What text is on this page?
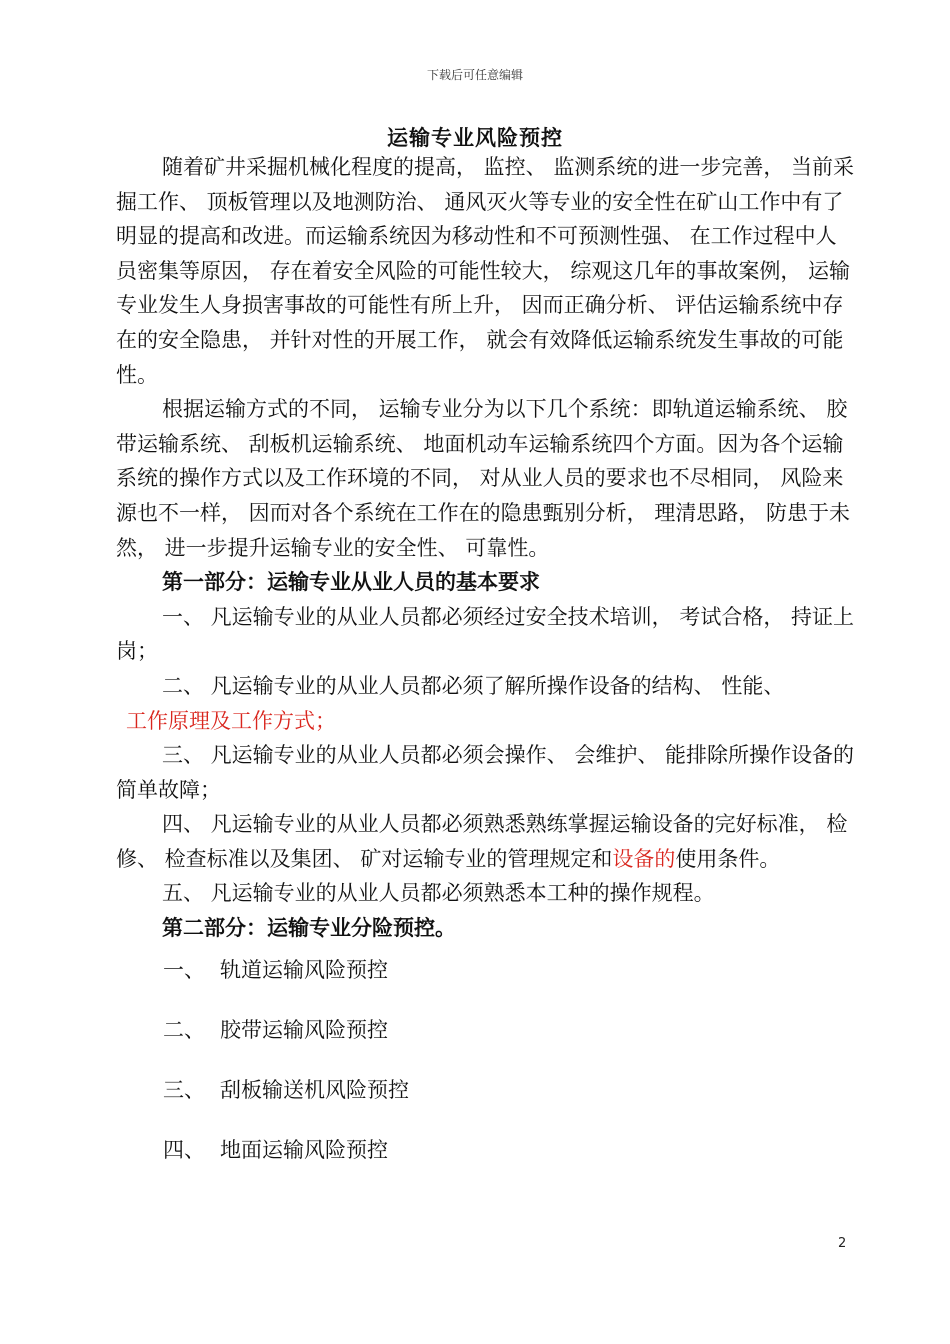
下载后可任意编辑
运输专业风险预控

随着矿井采掘机械化程度的提高， 监控、 监测系统的进一步完善， 当前采掘工作、 顶板管理以及地测防治、 通风灭火等专业的安全性在矿山工作中有了明显的提高和改进。而运输系统因为移动性和不可预测性强、 在工作过程中人员密集等原因， 存在着安全风险的可能性较大， 综观这几年的事故案例， 运输专业发生人身损害事故的可能性有所上升， 因而正确分析、 评估运输系统中存在的安全隐患， 并针对性的开展工作， 就会有效降低运输系统发生事故的可能性。

根据运输方式的不同， 运输专业分为以下几个系统：即轨道运输系统、 胶带运输系统、 刮板机运输系统、 地面机动车运输系统四个方面。因为各个运输系统的操作方式以及工作环境的不同， 对从业人员的要求也不尽相同， 风险来源也不一样， 因而对各个系统在工作在的隐患甄别分析， 理清思路， 防患于未然， 进一步提升运输专业的安全性、 可靠性。

第一部分：运输专业从业人员的基本要求

一、 凡运输专业的从业人员都必须经过安全技术培训， 考试合格， 持证上岗；

二、 凡运输专业的从业人员都必须了解所操作设备的结构、 性能、
工作原理及工作方式；

三、 凡运输专业的从业人员都必须会操作、 会维护、 能排除所操作设备的简单故障；

四、 凡运输专业的从业人员都必须熟悉熟练掌握运输设备的完好标准， 检修、 检查标准以及集团、 矿对运输专业的管理规定和设备的使用条件。

五、 凡运输专业的从业人员都必须熟悉本工种的操作规程。

第二部分：运输专业分险预控。

一、 轨道运输风险预控
二、 胶带运输风险预控
三、 刮板输送机风险预控
四、 地面运输风险预控
2
